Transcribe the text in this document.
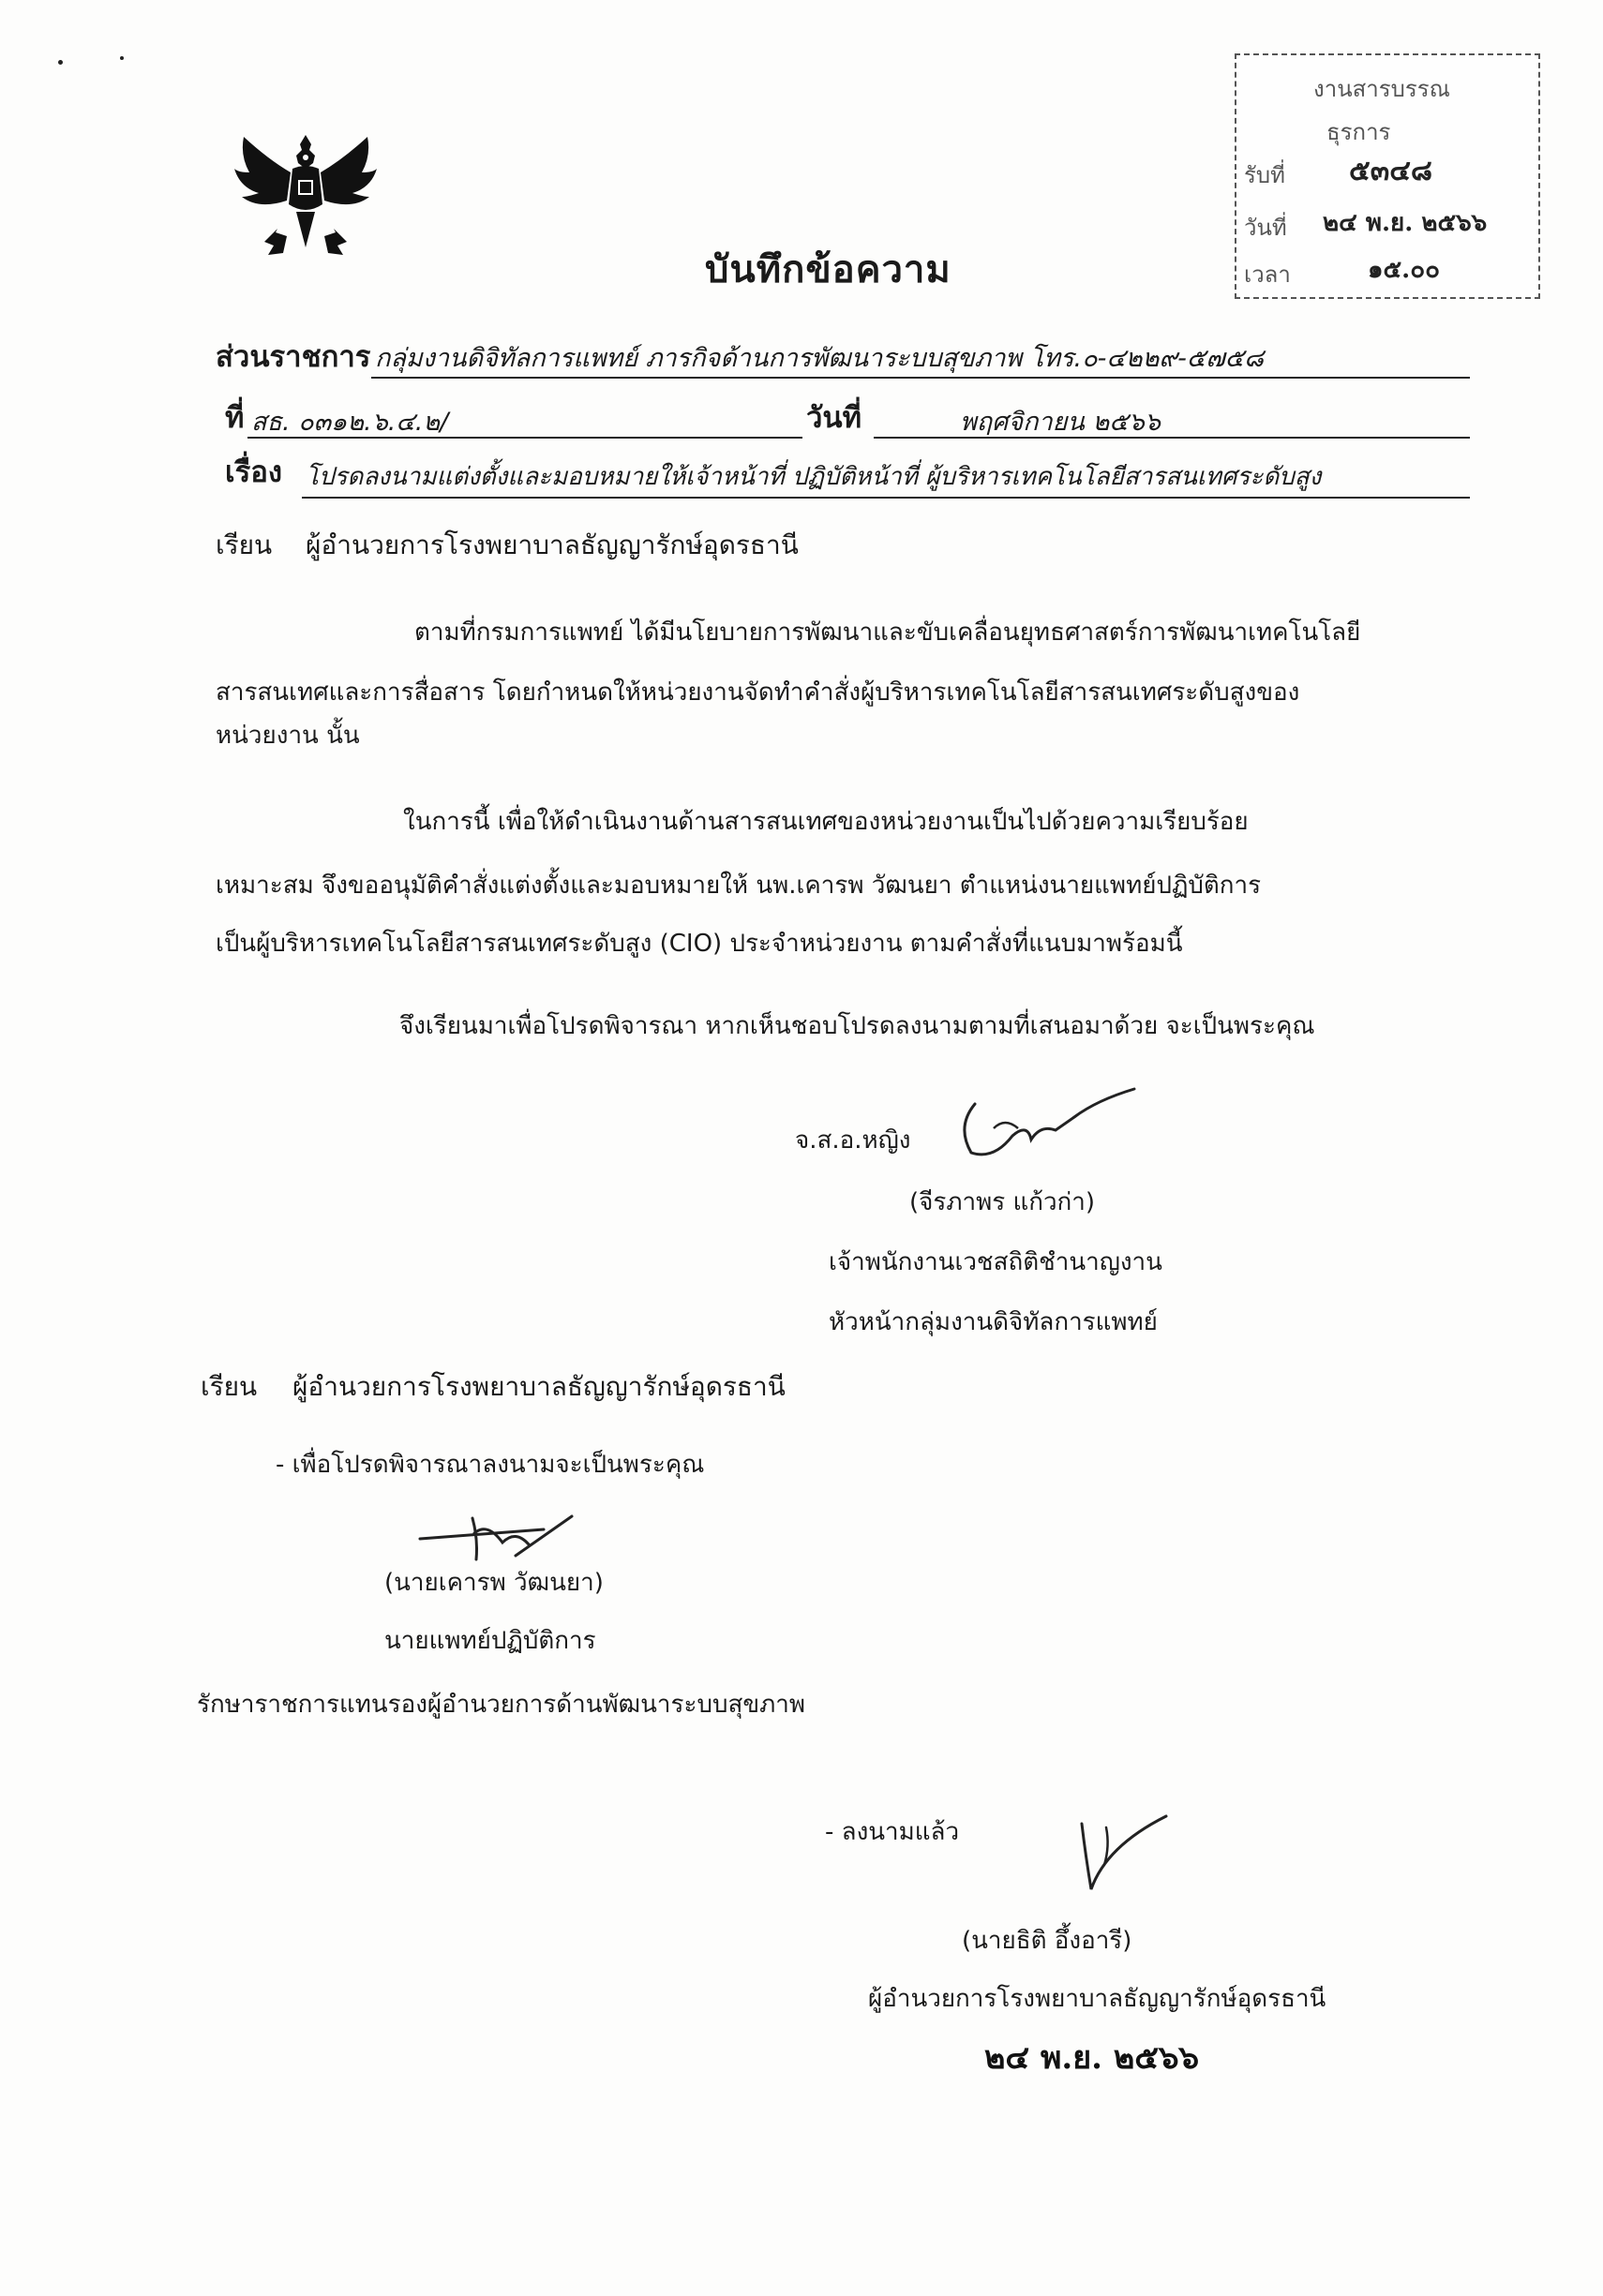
บันทึกข้อความ
งานสารบรรณ
ธุรการ
รับที่ ๕๓๔๘
วันที่ ๒๔ พ.ย. ๒๕๖๖
เวลา	๑๕.๐๐
ส่วนราชการ กลุ่มงานดิจิทัลการแพทย์ ภารกิจด้านการพัฒนาระบบสุขภาพ โทร.๐-๔๒๒๙-๕๗๕๘
ที่ สธ. ๐๓๑๒.๖.๔.๒/	วันที่	พฤศจิกายน ๒๕๖๖
เรื่อง โปรดลงนามแต่งตั้งและมอบหมายให้เจ้าหน้าที่ ปฏิบัติหน้าที่ ผู้บริหารเทคโนโลยีสารสนเทศระดับสูง
เรียน ผู้อำนวยการโรงพยาบาลธัญญารักษ์อุดรธานี
ตามที่กรมการแพทย์ ได้มีนโยบายการพัฒนาและขับเคลื่อนยุทธศาสตร์การพัฒนาเทคโนโลยี
สารสนเทศและการสื่อสาร โดยกำหนดให้หน่วยงานจัดทำคำสั่งผู้บริหารเทคโนโลยีสารสนเทศระดับสูงของ
หน่วยงาน นั้น
ในการนี้ เพื่อให้ดำเนินงานด้านสารสนเทศของหน่วยงานเป็นไปด้วยความเรียบร้อย
เหมาะสม จึงขออนุมัติคำสั่งแต่งตั้งและมอบหมายให้ นพ.เคารพ วัฒนยา ตำแหน่งนายแพทย์ปฏิบัติการ
เป็นผู้บริหารเทคโนโลยีสารสนเทศระดับสูง (CIO) ประจำหน่วยงาน ตามคำสั่งที่แนบมาพร้อมนี้
จึงเรียนมาเพื่อโปรดพิจารณา หากเห็นชอบโปรดลงนามตามที่เสนอมาด้วย จะเป็นพระคุณ
จ.ส.อ.หญิง
(จีรภาพร แก้วก่า)
เจ้าพนักงานเวชสถิติชำนาญงาน
หัวหน้ากลุ่มงานดิจิทัลการแพทย์
เรียน ผู้อำนวยการโรงพยาบาลธัญญารักษ์อุดรธานี
- เพื่อโปรดพิจารณาลงนามจะเป็นพระคุณ
(นายเคารพ วัฒนยา)
นายแพทย์ปฏิบัติการ
รักษาราชการแทนรองผู้อำนวยการด้านพัฒนาระบบสุขภาพ
- ลงนามแล้ว
(นายธิติ อึ้งอารี)
ผู้อำนวยการโรงพยาบาลธัญญารักษ์อุดรธานี
๒๔ พ.ย. ๒๕๖๖
